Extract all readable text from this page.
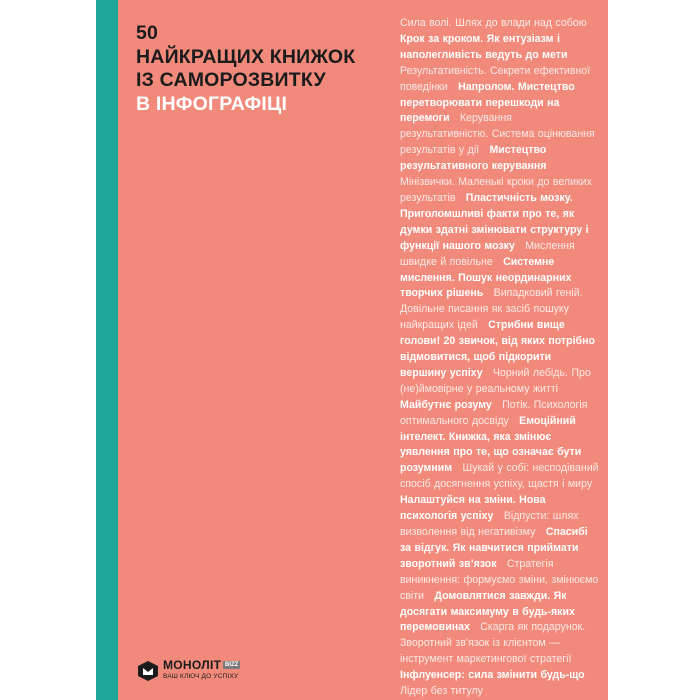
50
НАЙКРАЩИХ КНИЖОК
ІЗ САМОРОЗВИТКУ
В ІНФОГРАФІЦІ
Сила волі. Шлях до влади над собою   Крок за кроком. Як ентузіазм і наполегливість ведуть до мети   Результативність. Секрети ефективної поведінки Напролом. Мистецтво перетворювати перешкоди на перемоги Керування результативністю. Система оцінювання результатів у дії Мистецтво результативного керування   Мінізвички. Маленькі кроки до великих результатів Пластичність мозку. Приголомшливі факти про те, як думки здатні змінювати структуру і функції нашого мозку Мислення швидке й повільне Системне мислення. Пошук неординарних творчих рішень Випадковий геній. Довільне писання як засіб пошуку найкращих ідей Стрибни вище голови! 20 звичок, від яких потрібно відмовитися, щоб підкорити вершину успіху Чорний лебідь. Про (не)ймовірне у реальному житті   Майбутнє розуму Потік. Психологія оптимального досвіду Емоційний інтелект. Книжка, яка змінює уявлення про те, що означає бути розумним Шукай у собі: несподіваний спосіб досягнення успіху, щастя і миру   Налаштуйся на зміни. Нова психологія успіху Відпусти: шлях визволення від негативізму Спасибі за відгук. Як навчитися приймати зворотний зв’язок Стратегія виникнення: формуємо зміни, змінюємо світи Домовлятися завжди. Як досягати максимуму в будь-яких перемовинах Скарга як подарунок. Зворотний зв’язок із клієнтом — інструмент маркетингової стратегії   Інфлуенсер: сила змінити будь-що   Лідер без титулу
МОНОЛІТ BIZZ
ВАШ КЛЮЧ ДО УСПІХУ
